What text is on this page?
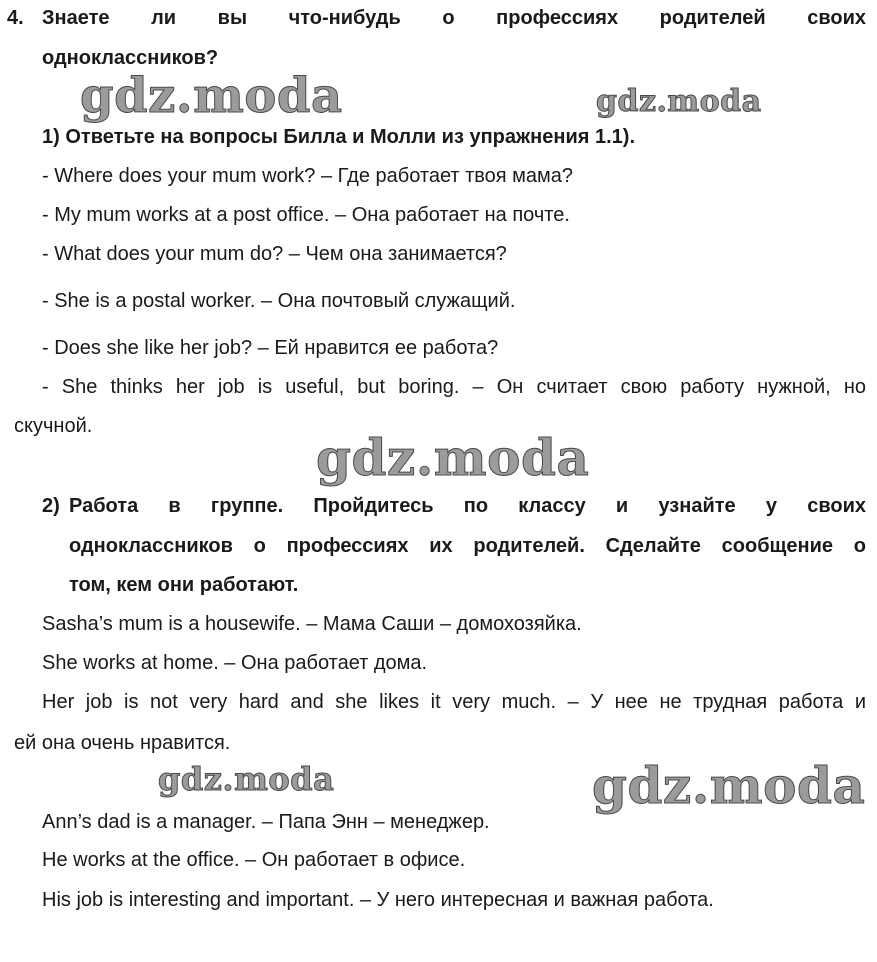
4. Знаете ли вы что-нибудь о профессиях родителей своих
одноклассников?
gdz.moda	gdz.moda
1) Ответьте на вопросы Билла и Молли из упражнения 1.1).
- Where does your mum work? – Где работает твоя мама?
- My mum works at a post office. – Она работает на почте.
- What does your mum do? – Чем она занимается?
- She is a postal worker. – Она почтовый служащий.
- Does she like her job? – Ей нравится ее работа?
- She thinks her job is useful, but boring. – Он считает свою работу нужной, но
скучной.
gdz.moda
2) Работа в группе. Пройдитесь по классу и узнайте у своих
одноклассников о профессиях их родителей. Сделайте сообщение о
том, кем они работают.
Sasha’s mum is a housewife. – Мама Саши – домохозяйка.
She works at home. – Она работает дома.
Her job is not very hard and she likes it very much. – У нее не трудная работа и
ей она очень нравится.
gdz.moda	gdz.moda
Ann’s dad is a manager. – Папа Энн – менеджер.
He works at the office. – Он работает в офисе.
His job is interesting and important. – У него интересная и важная работа.
